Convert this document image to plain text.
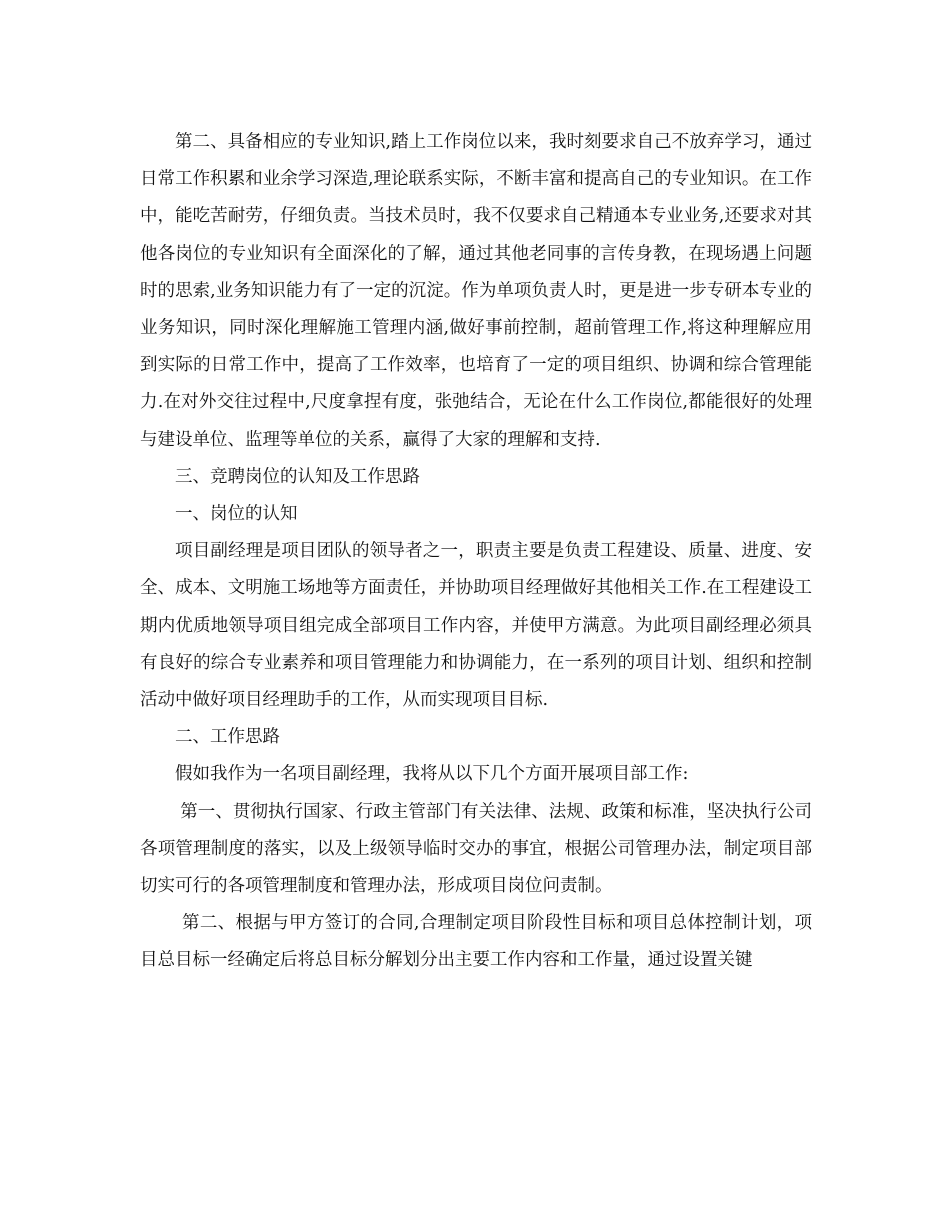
第二、具备相应的专业知识,踏上工作岗位以来，我时刻要求自己不放弃学习，通过日常工作积累和业余学习深造,理论联系实际，不断丰富和提高自己的专业知识。在工作中，能吃苦耐劳，仔细负责。当技术员时，我不仅要求自己精通本专业业务,还要求对其他各岗位的专业知识有全面深化的了解，通过其他老同事的言传身教，在现场遇上问题时的思索,业务知识能力有了一定的沉淀。作为单项负责人时，更是进一步专研本专业的业务知识，同时深化理解施工管理内涵,做好事前控制，超前管理工作,将这种理解应用到实际的日常工作中，提高了工作效率，也培育了一定的项目组织、协调和综合管理能力.在对外交往过程中,尺度拿捏有度，张弛结合，无论在什么工作岗位,都能很好的处理与建设单位、监理等单位的关系，赢得了大家的理解和支持.

三、竞聘岗位的认知及工作思路

一、岗位的认知

项目副经理是项目团队的领导者之一，职责主要是负责工程建设、质量、进度、安全、成本、文明施工场地等方面责任，并协助项目经理做好其他相关工作.在工程建设工期内优质地领导项目组完成全部项目工作内容，并使甲方满意。为此项目副经理必须具有良好的综合专业素养和项目管理能力和协调能力，在一系列的项目计划、组织和控制活动中做好项目经理助手的工作，从而实现项目目标.

二、工作思路

假如我作为一名项目副经理，我将从以下几个方面开展项目部工作:

第一、贯彻执行国家、行政主管部门有关法律、法规、政策和标准，坚决执行公司各项管理制度的落实，以及上级领导临时交办的事宜，根据公司管理办法，制定项目部切实可行的各项管理制度和管理办法，形成项目岗位问责制。

第二、根据与甲方签订的合同,合理制定项目阶段性目标和项目总体控制计划，项目总目标一经确定后将总目标分解划分出主要工作内容和工作量，通过设置关键
